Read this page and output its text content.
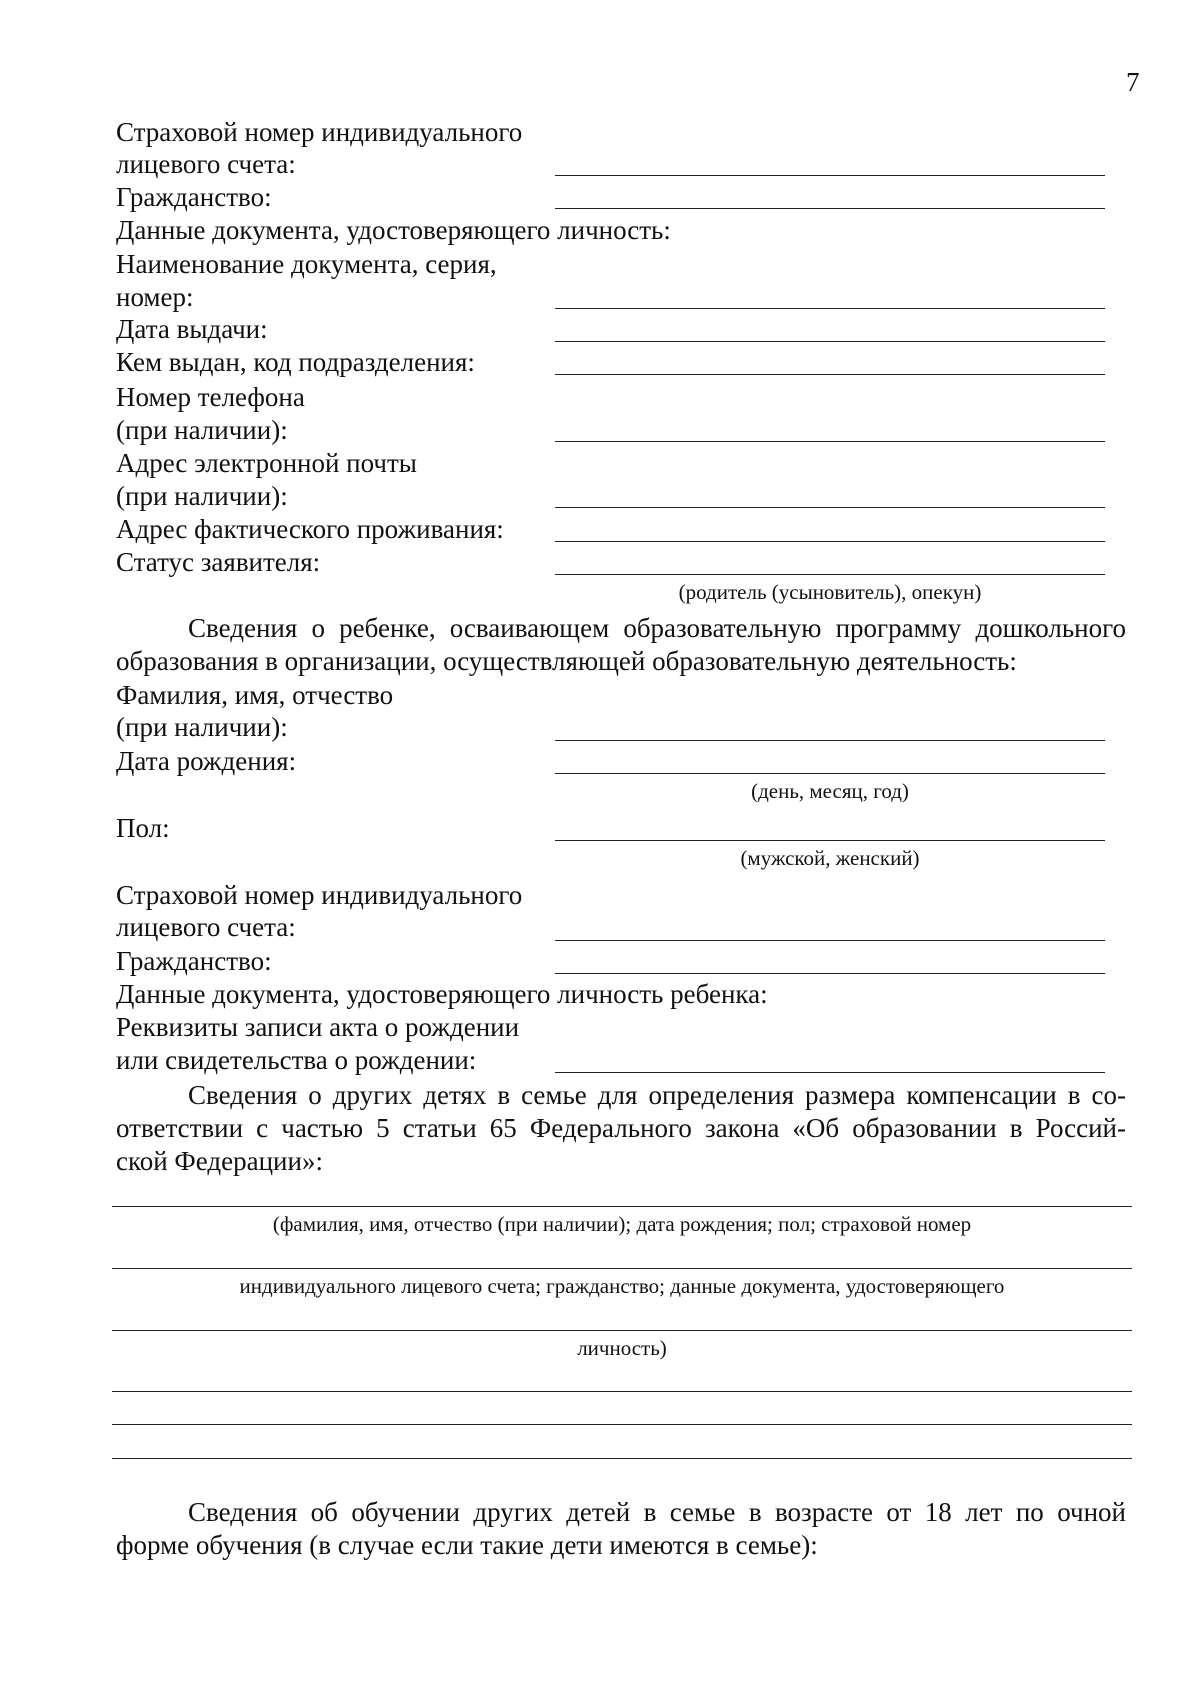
7
Страховой номер индивидуального
лицевого счета:
Гражданство:
Данные документа, удостоверяющего личность:
Наименование документа, серия,
номер:
Дата выдачи:
Кем выдан, код подразделения:
Номер телефона
(при наличии):
Адрес электронной почты
(при наличии):
Адрес фактического проживания:
Статус заявителя:
(родитель (усыновитель), опекун)
Сведения о ребенке, осваивающем образовательную программу дошкольного
образования в организации, осуществляющей образовательную деятельность:
Фамилия, имя, отчество
(при наличии):
Дата рождения:
(день, месяц, год)
Пол:
(мужской, женский)
Страховой номер индивидуального
лицевого счета:
Гражданство:
Данные документа, удостоверяющего личность ребенка:
Реквизиты записи акта о рождении
или свидетельства о рождении:
Сведения о других детях в семье для определения размера компенсации в со-
ответствии с частью 5 статьи 65 Федерального закона «Об образовании в Россий-
ской Федерации»:
(фамилия, имя, отчество (при наличии); дата рождения; пол; страховой номер
индивидуального лицевого счета; гражданство; данные документа, удостоверяющего
личность)
Сведения об обучении других детей в семье в возрасте от 18 лет по очной
форме обучения (в случае если такие дети имеются в семье):
